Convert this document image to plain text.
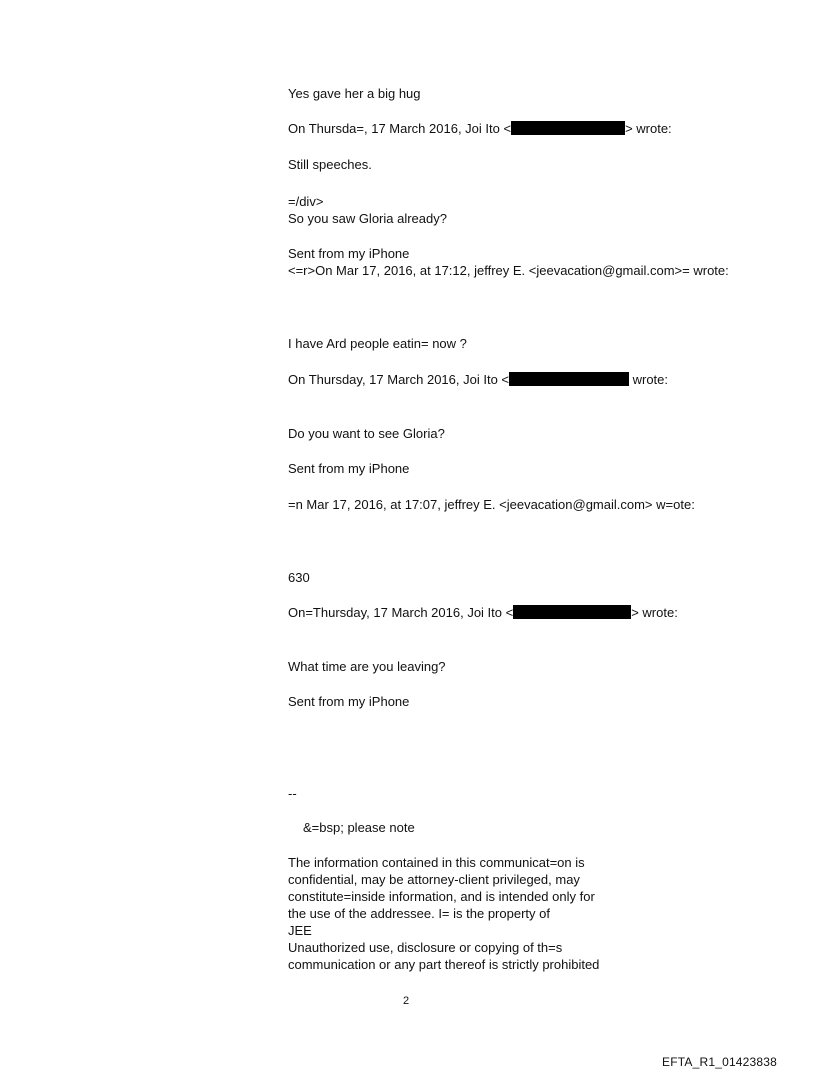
Yes gave her a big hug
On Thursda=, 17 March 2016, Joi Ito <	> wrote:
Still speeches.
=/div>
So you saw Gloria already?
Sent from my iPhone
<=r>On Mar 17, 2016, at 17:12, jeffrey E. <jeevacation@gmail.com>= wrote:
I have Ard people eatin= now ?
On Thursday, 17 March 2016, Joi Ito <	wrote:
Do you want to see Gloria?
Sent from my iPhone
=n Mar 17, 2016, at 17:07, jeffrey E. <jeevacation@gmail.com> w=ote:
630
On=Thursday, 17 March 2016, Joi Ito <	> wrote:
What time are you leaving?
Sent from my iPhone
--
&=bsp; please note
The information contained in this communicat=on is
confidential, may be attorney-client privileged, may
constitute=inside information, and is intended only for
the use of the addressee. I= is the property of
JEE
Unauthorized use, disclosure or copying of th=s
communication or any part thereof is strictly prohibited
2
EFTA_R1_01423838
